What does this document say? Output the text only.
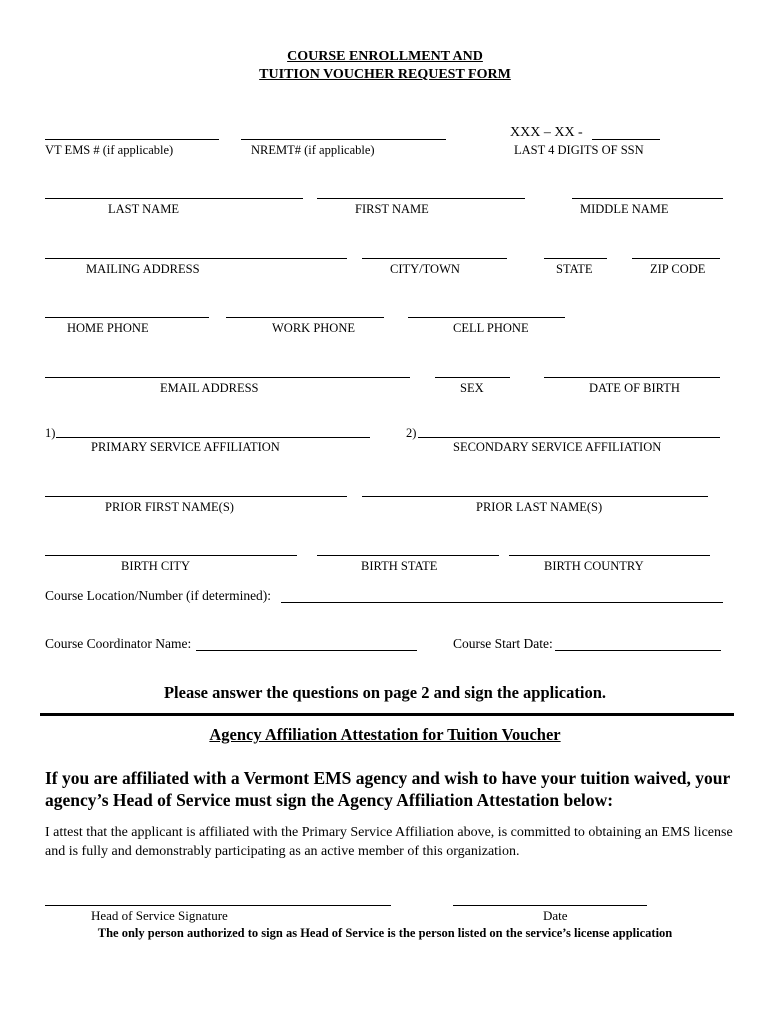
COURSE ENROLLMENT AND
TUITION VOUCHER REQUEST FORM
VT EMS # (if applicable)	NREMT# (if applicable)
XXX – XX -
LAST 4 DIGITS OF SSN
LAST NAME	FIRST NAME	MIDDLE NAME
MAILING ADDRESS	CITY/TOWN	STATE	ZIP CODE
HOME PHONE	WORK PHONE	CELL PHONE
EMAIL ADDRESS	SEX	DATE OF BIRTH
1)
PRIMARY SERVICE AFFILIATION
2)
SECONDARY SERVICE AFFILIATION
PRIOR FIRST NAME(S)	PRIOR LAST NAME(S)
BIRTH CITY	BIRTH STATE	BIRTH COUNTRY
Course Location/Number (if determined):
Course Coordinator Name:	Course Start Date:
Please answer the questions on page 2 and sign the application.
Agency Affiliation Attestation for Tuition Voucher
If you are affiliated with a Vermont EMS agency and wish to have your tuition waived, your agency’s Head of Service must sign the Agency Affiliation Attestation below:
I attest that the applicant is affiliated with the Primary Service Affiliation above, is committed to obtaining an EMS license and is fully and demonstrably participating as an active member of this organization.
Head of Service Signature	Date
The only person authorized to sign as Head of Service is the person listed on the service’s license application
